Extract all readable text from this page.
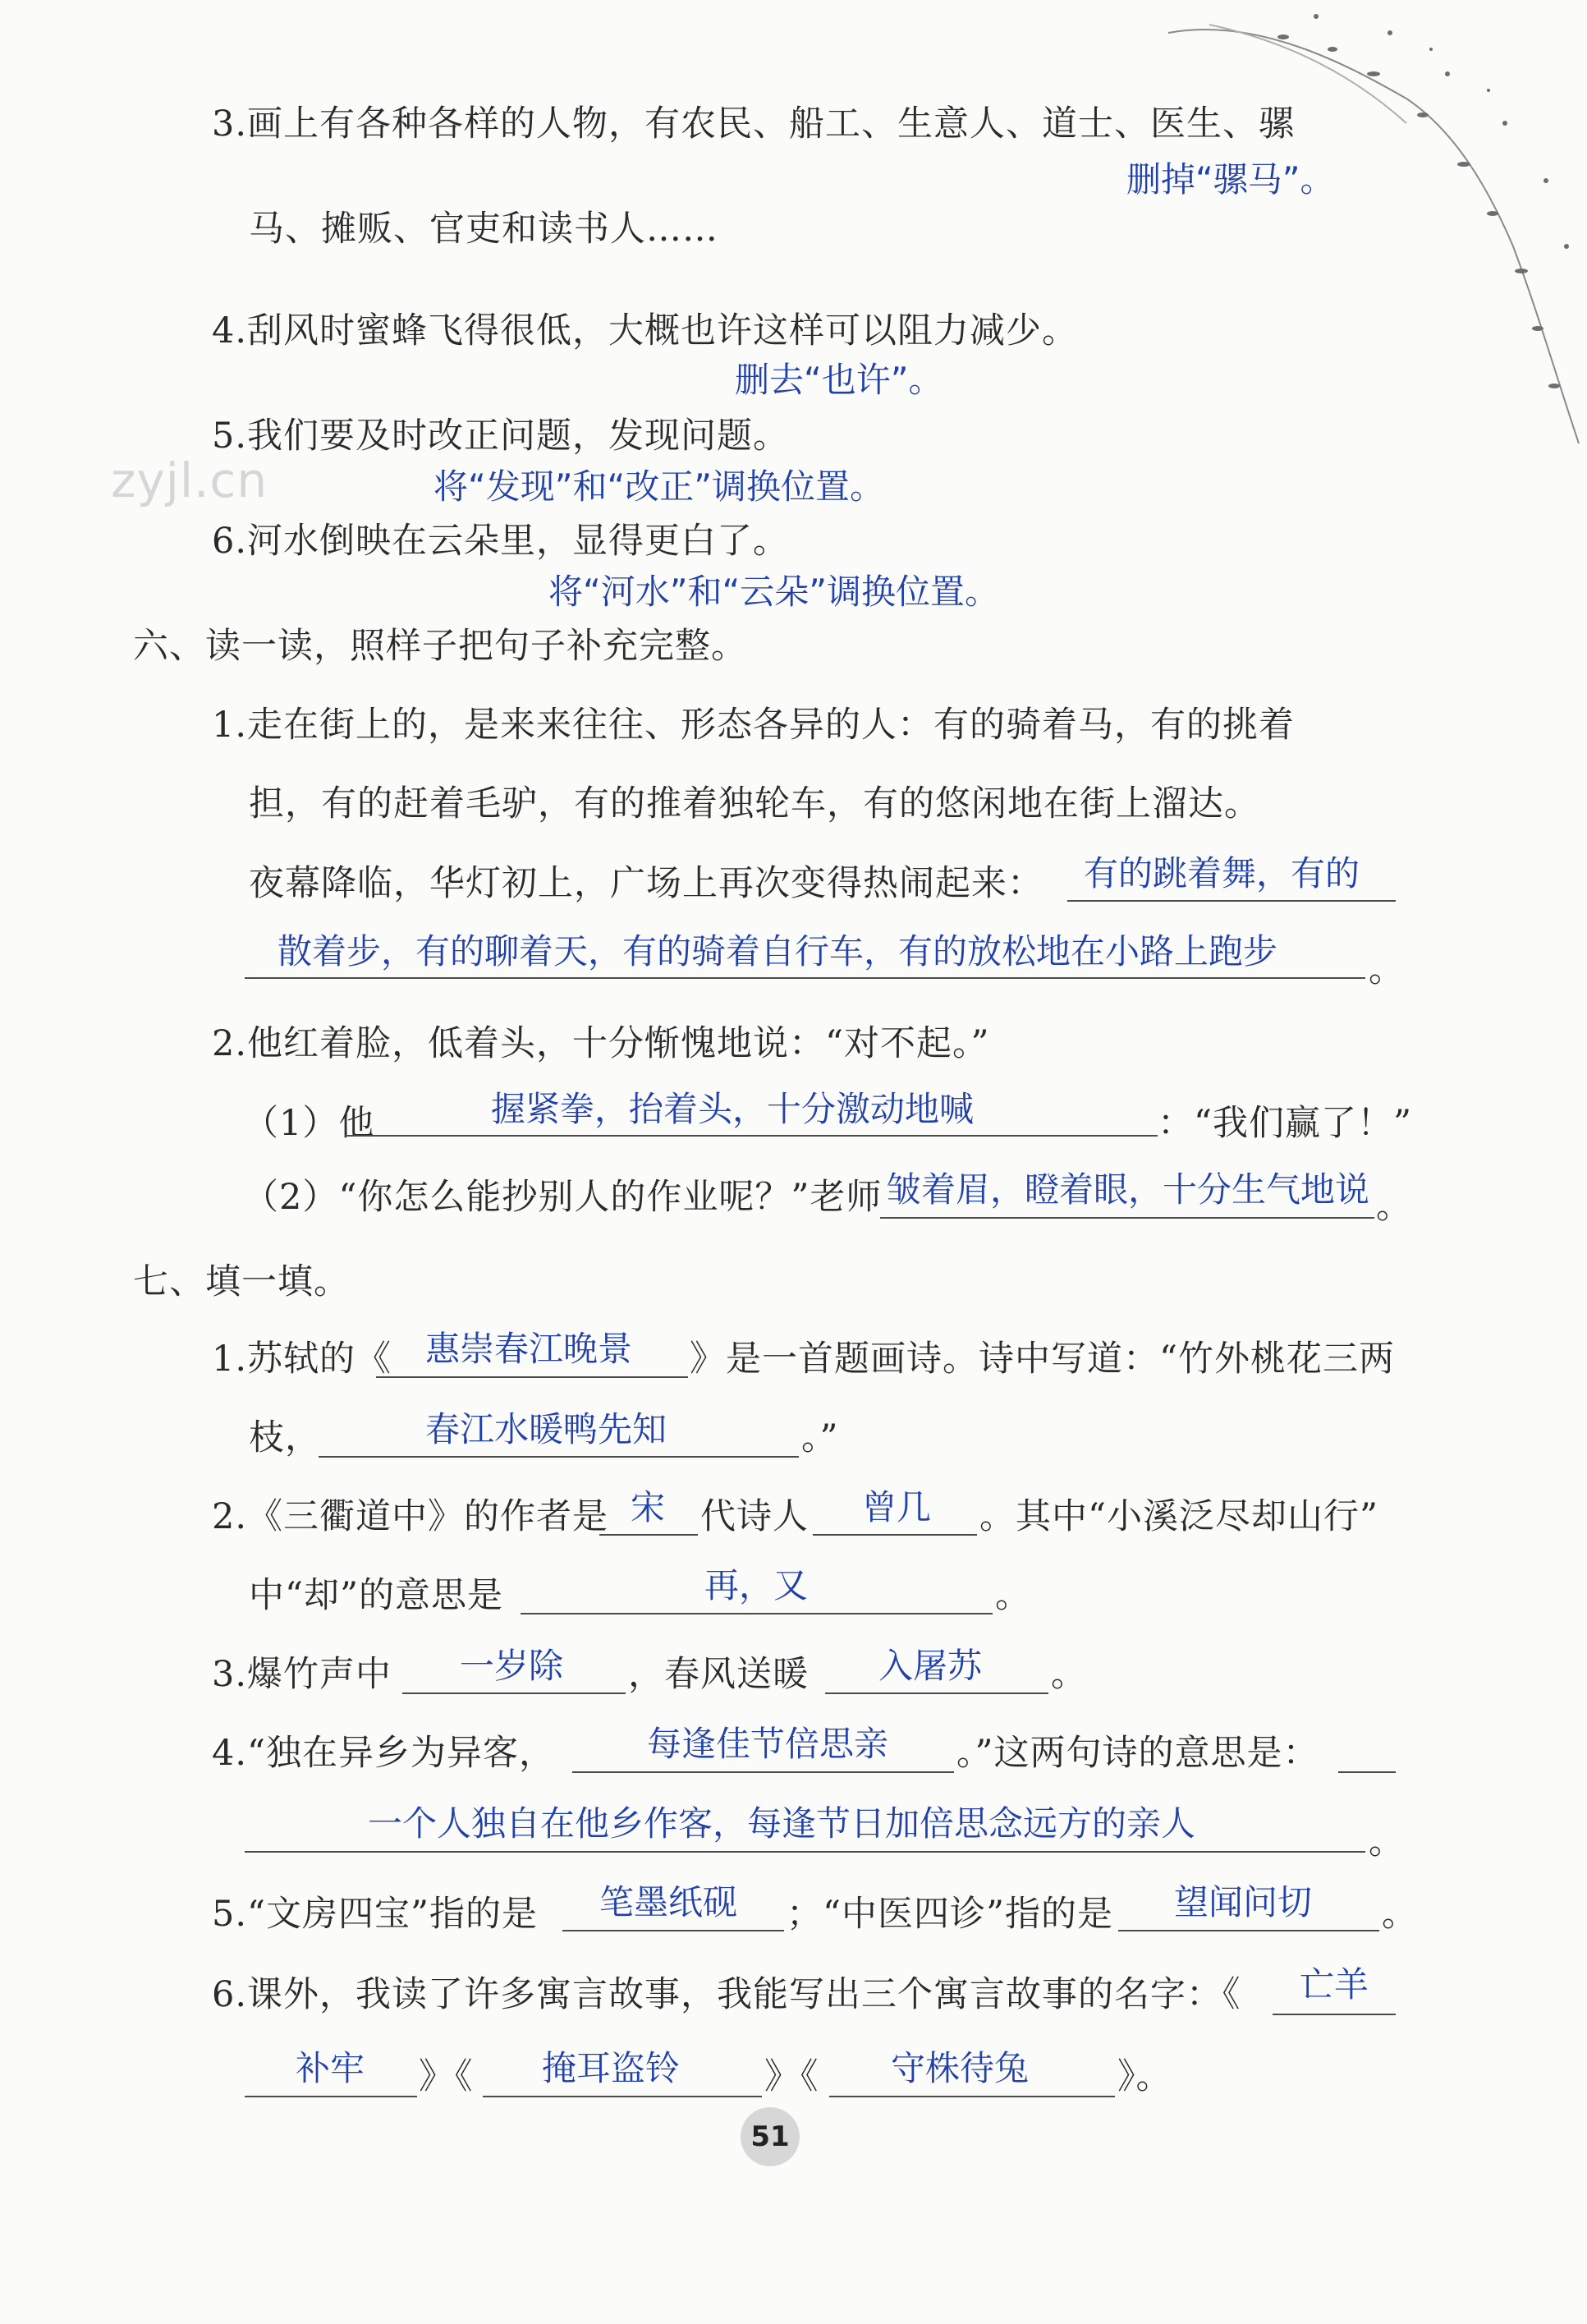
zyjl.cn
3.画上有各种各样的人物，有农民、船工、生意人、道士、医生、骡
删掉“骡马”。
马、摊贩、官吏和读书人……
4.刮风时蜜蜂飞得很低，大概也许这样可以阻力减少。
删去“也许”。
5.我们要及时改正问题，发现问题。
将“发现”和“改正”调换位置。
6.河水倒映在云朵里，显得更白了。
将“河水”和“云朵”调换位置。
六、读一读，照样子把句子补充完整。
1.走在街上的，是来来往往、形态各异的人：有的骑着马，有的挑着
担，有的赶着毛驴，有的推着独轮车，有的悠闲地在街上溜达。
夜幕降临，华灯初上，广场上再次变得热闹起来： 有的跳着舞，有的
散着步，有的聊着天，有的骑着自行车，有的放松地在小路上跑步	。
2.他红着脸，低着头，十分惭愧地说：“对不起。”
（1）他	握紧拳，抬着头，十分激动地喊	：“我们赢了！”
（2）“你怎么能抄别人的作业呢？”老师 皱着眉，瞪着眼，十分生气地说 。
七、填一填。
1.苏轼的《 惠崇春江晚景 》是一首题画诗。诗中写道：“竹外桃花三两
枝，	春江水暖鸭先知	。”
2.《三衢道中》的作者是 宋 代诗人 曾几 。其中“小溪泛尽却山行”
中“却”的意思是	再，又	。
3.爆竹声中 一岁除 ，春风送暖 入屠苏 。
4.“独在异乡为异客，	每逢佳节倍思亲 。”这两句诗的意思是：
一个人独自在他乡作客，每逢节日加倍思念远方的亲人	。
5.“文房四宝”指的是 笔墨纸砚 ；“中医四诊”指的是 望闻问切 。
6.课外，我读了许多寓言故事，我能写出三个寓言故事的名字：《 亡羊
补牢 》《 掩耳盗铃 》《 守株待兔	》。
51
